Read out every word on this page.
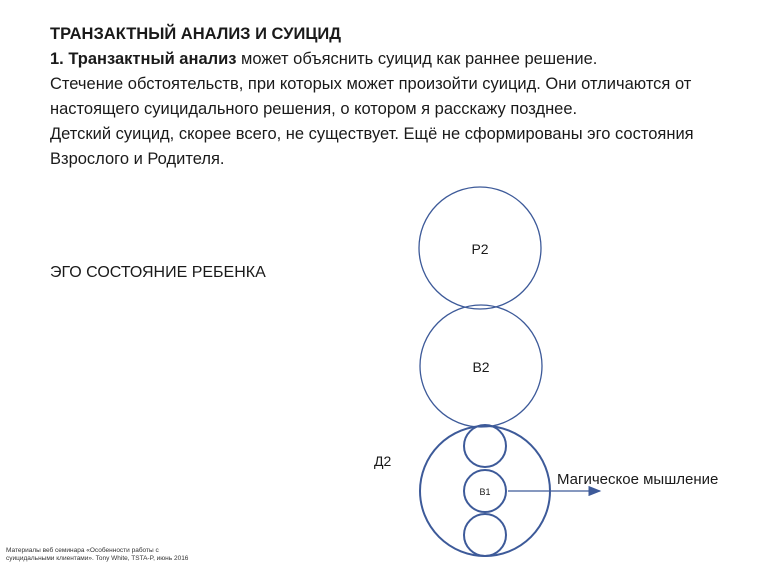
ТРАНЗАКТНЫЙ АНАЛИЗ И СУИЦИД

1. Транзактный анализ может объяснить суицид как раннее решение.

Стечение обстоятельств, при которых может произойти суицид. Они отличаются от настоящего суицидального решения, о котором я расскажу позднее.

Детский суицид, скорее всего, не существует. Ещё не сформированы эго состояния Взрослого и Родителя.

ЭГО СОСТОЯНИЕ РЕБЕНКА
Р2
В2
В1
Д2
Магическое мышление
Материалы веб семинара «Особенности работы с
суицидальными клиентами». Tony White, TSTA-P, июнь 2016
